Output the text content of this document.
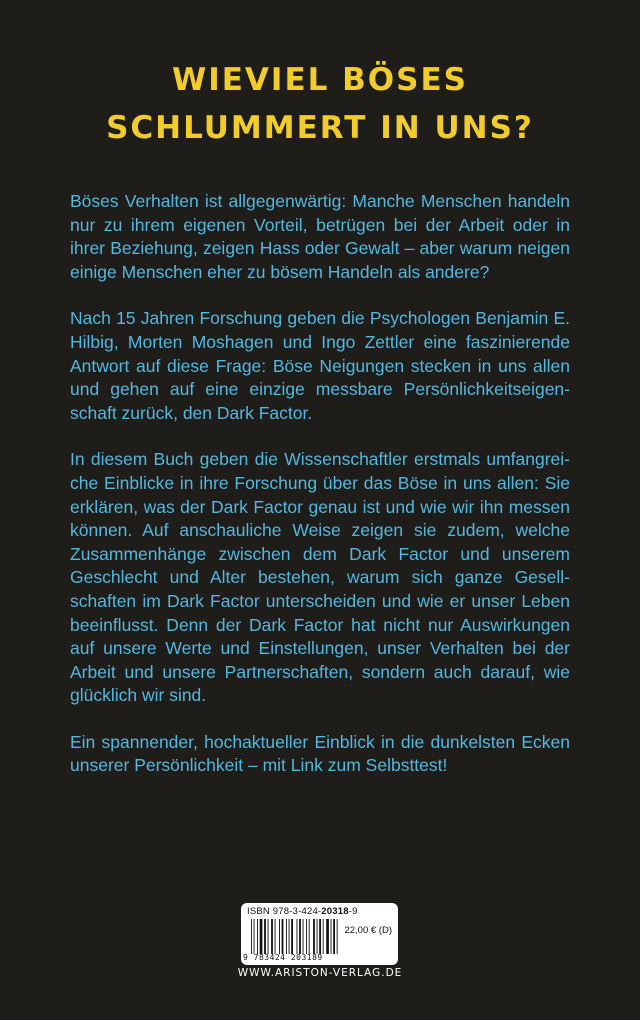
WIEVIEL BÖSES
SCHLUMMERT IN UNS?

Böses Verhalten ist allgegenwärtig: Manche Menschen handeln nur zu ihrem eigenen Vorteil, betrügen bei der Arbeit oder in ihrer Beziehung, zeigen Hass oder Gewalt – aber warum neigen einige Menschen eher zu bösem Handeln als andere?

Nach 15 Jahren Forschung geben die Psychologen Benjamin E. Hilbig, Morten Moshagen und Ingo Zettler eine faszinierende Antwort auf diese Frage: Böse Neigungen stecken in uns allen und gehen auf eine einzige messbare Persönlichkeitseigen-schaft zurück, den Dark Factor.

In diesem Buch geben die Wissenschaftler erstmals umfangrei-che Einblicke in ihre Forschung über das Böse in uns allen: Sie erklären, was der Dark Factor genau ist und wie wir ihn messen können. Auf anschauliche Weise zeigen sie zudem, welche Zusammenhänge zwischen dem Dark Factor und unserem Geschlecht und Alter bestehen, warum sich ganze Gesell-schaften im Dark Factor unterscheiden und wie er unser Leben beeinflusst. Denn der Dark Factor hat nicht nur Auswirkungen auf unsere Werte und Einstellungen, unser Verhalten bei der Arbeit und unsere Partnerschaften, sondern auch darauf, wie glücklich wir sind.

Ein spannender, hochaktueller Einblick in die dunkelsten Ecken unserer Persönlichkeit – mit Link zum Selbsttest!

ISBN 978-3-424-20318-9
22,00 € (D)
9 783424 203189
WWW.ARISTON-VERLAG.DE
